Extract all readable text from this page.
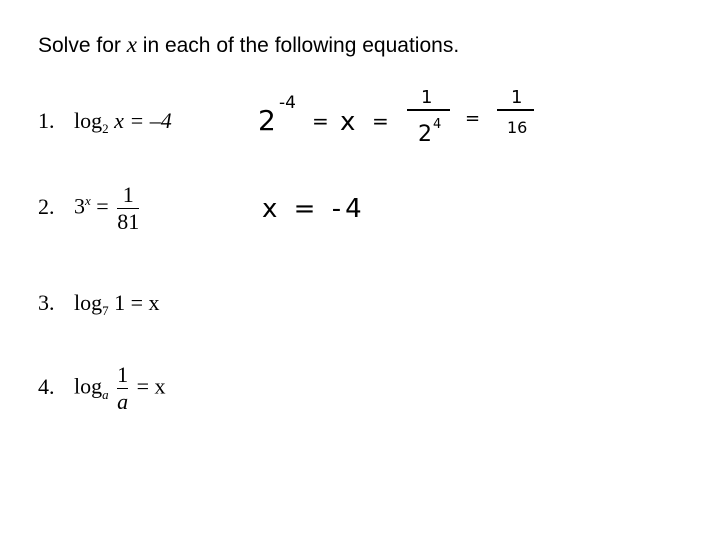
Solve for x in each of the following equations.
1. $\log_2 x = -4$
2. $3^x = \frac{1}{81}$
3. $\log_7 1 = x$
4. $\log_a \frac{1}{a} = x$
2
-4
= x =
1
2 4 =
1
16
x = -4
